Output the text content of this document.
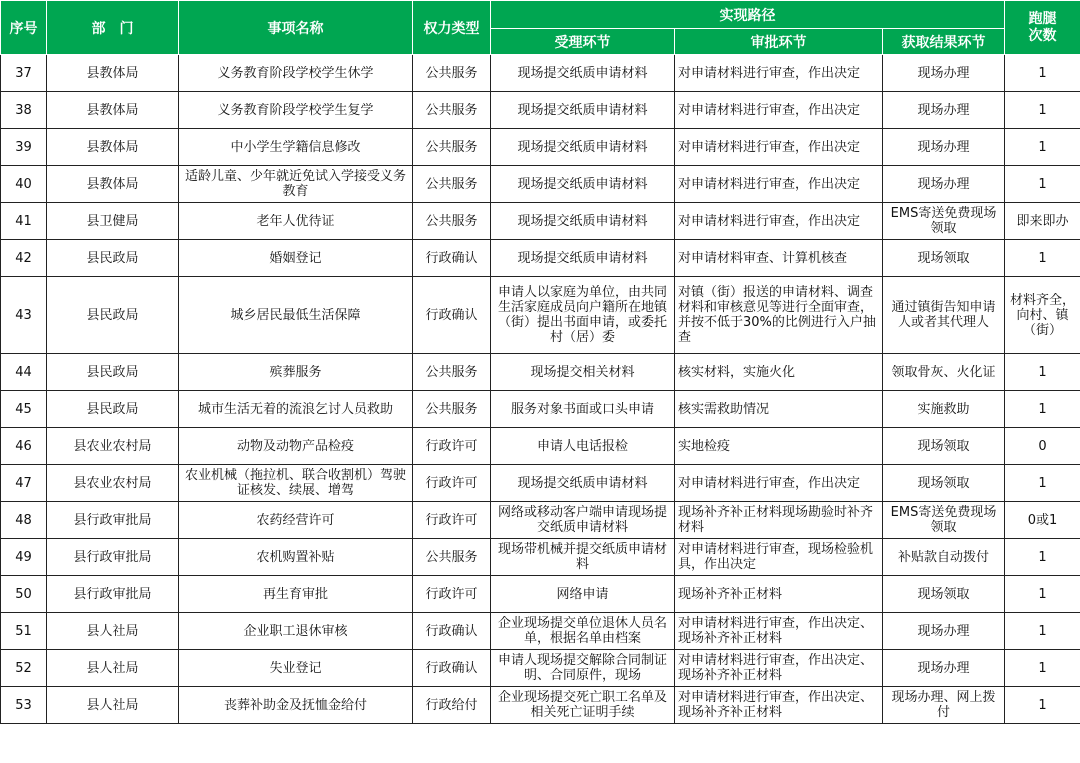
序号	部　门	事项名称	权力类型	实现路径			跑腿次数

				受理环节	审批环节	获取结果环节	

37	县教体局	义务教育阶段学校学生休学	公共服务	现场提交纸质申请材料	对申请材料进行审查，作出决定	现场办理	1

38	县教体局	义务教育阶段学校学生复学	公共服务	现场提交纸质申请材料	对申请材料进行审查，作出决定	现场办理	1

39	县教体局	中小学生学籍信息修改	公共服务	现场提交纸质申请材料	对申请材料进行审查，作出决定	现场办理	1

40	县教体局	适龄儿童、少年就近免试入学接受义务教育	公共服务	现场提交纸质申请材料	对申请材料进行审查，作出决定	现场办理	1

41	县卫健局	老年人优待证	公共服务	现场提交纸质申请材料	对申请材料进行审查，作出决定	EMS寄送免费现场领取	即来即办

42	县民政局	婚姻登记	行政确认	现场提交纸质申请材料	对申请材料审查、计算机核查	现场领取	1

43	县民政局	城乡居民最低生活保障	行政确认	申请人以家庭为单位，由共同生活家庭成员向户籍所在地镇（街）提出书面申请，或委托村（居）委	对镇（街）报送的申请材料、调查材料和审核意见等进行全面审查，并按不低于30%的比例进行入户抽查	通过镇街告知申请人或者其代理人	材料齐全，向村、镇（街）

44	县民政局	殡葬服务	公共服务	现场提交相关材料	核实材料，实施火化	领取骨灰、火化证	1

45	县民政局	城市生活无着的流浪乞讨人员救助	公共服务	服务对象书面或口头申请	核实需救助情况	实施救助	1

46	县农业农村局	动物及动物产品检疫	行政许可	申请人电话报检	实地检疫	现场领取	0

47	县农业农村局	农业机械（拖拉机、联合收割机）驾驶证核发、续展、增驾	行政许可	现场提交纸质申请材料	对申请材料进行审查，作出决定	现场领取	1

48	县行政审批局	农药经营许可	行政许可	网络或移动客户端申请现场提交纸质申请材料	现场补齐补正材料现场勘验时补齐材料	EMS寄送免费现场领取	0或1

49	县行政审批局	农机购置补贴	公共服务	现场带机械并提交纸质申请材料	对申请材料进行审查，现场检验机具，作出决定	补贴款自动拨付	1

50	县行政审批局	再生育审批	行政许可	网络申请	现场补齐补正材料	现场领取	1

51	县人社局	企业职工退休审核	行政确认	企业现场提交单位退休人员名单，根据名单由档案	对申请材料进行审查，作出决定、现场补齐补正材料	现场办理	1

52	县人社局	失业登记	行政确认	申请人现场提交解除合同制证明、合同原件，现场	对申请材料进行审查，作出决定、现场补齐补正材料	现场办理	1

53	县人社局	丧葬补助金及抚恤金给付	行政给付	企业现场提交死亡职工名单及相关死亡证明手续	对申请材料进行审查，作出决定、现场补齐补正材料	现场办理、网上拨付	1
